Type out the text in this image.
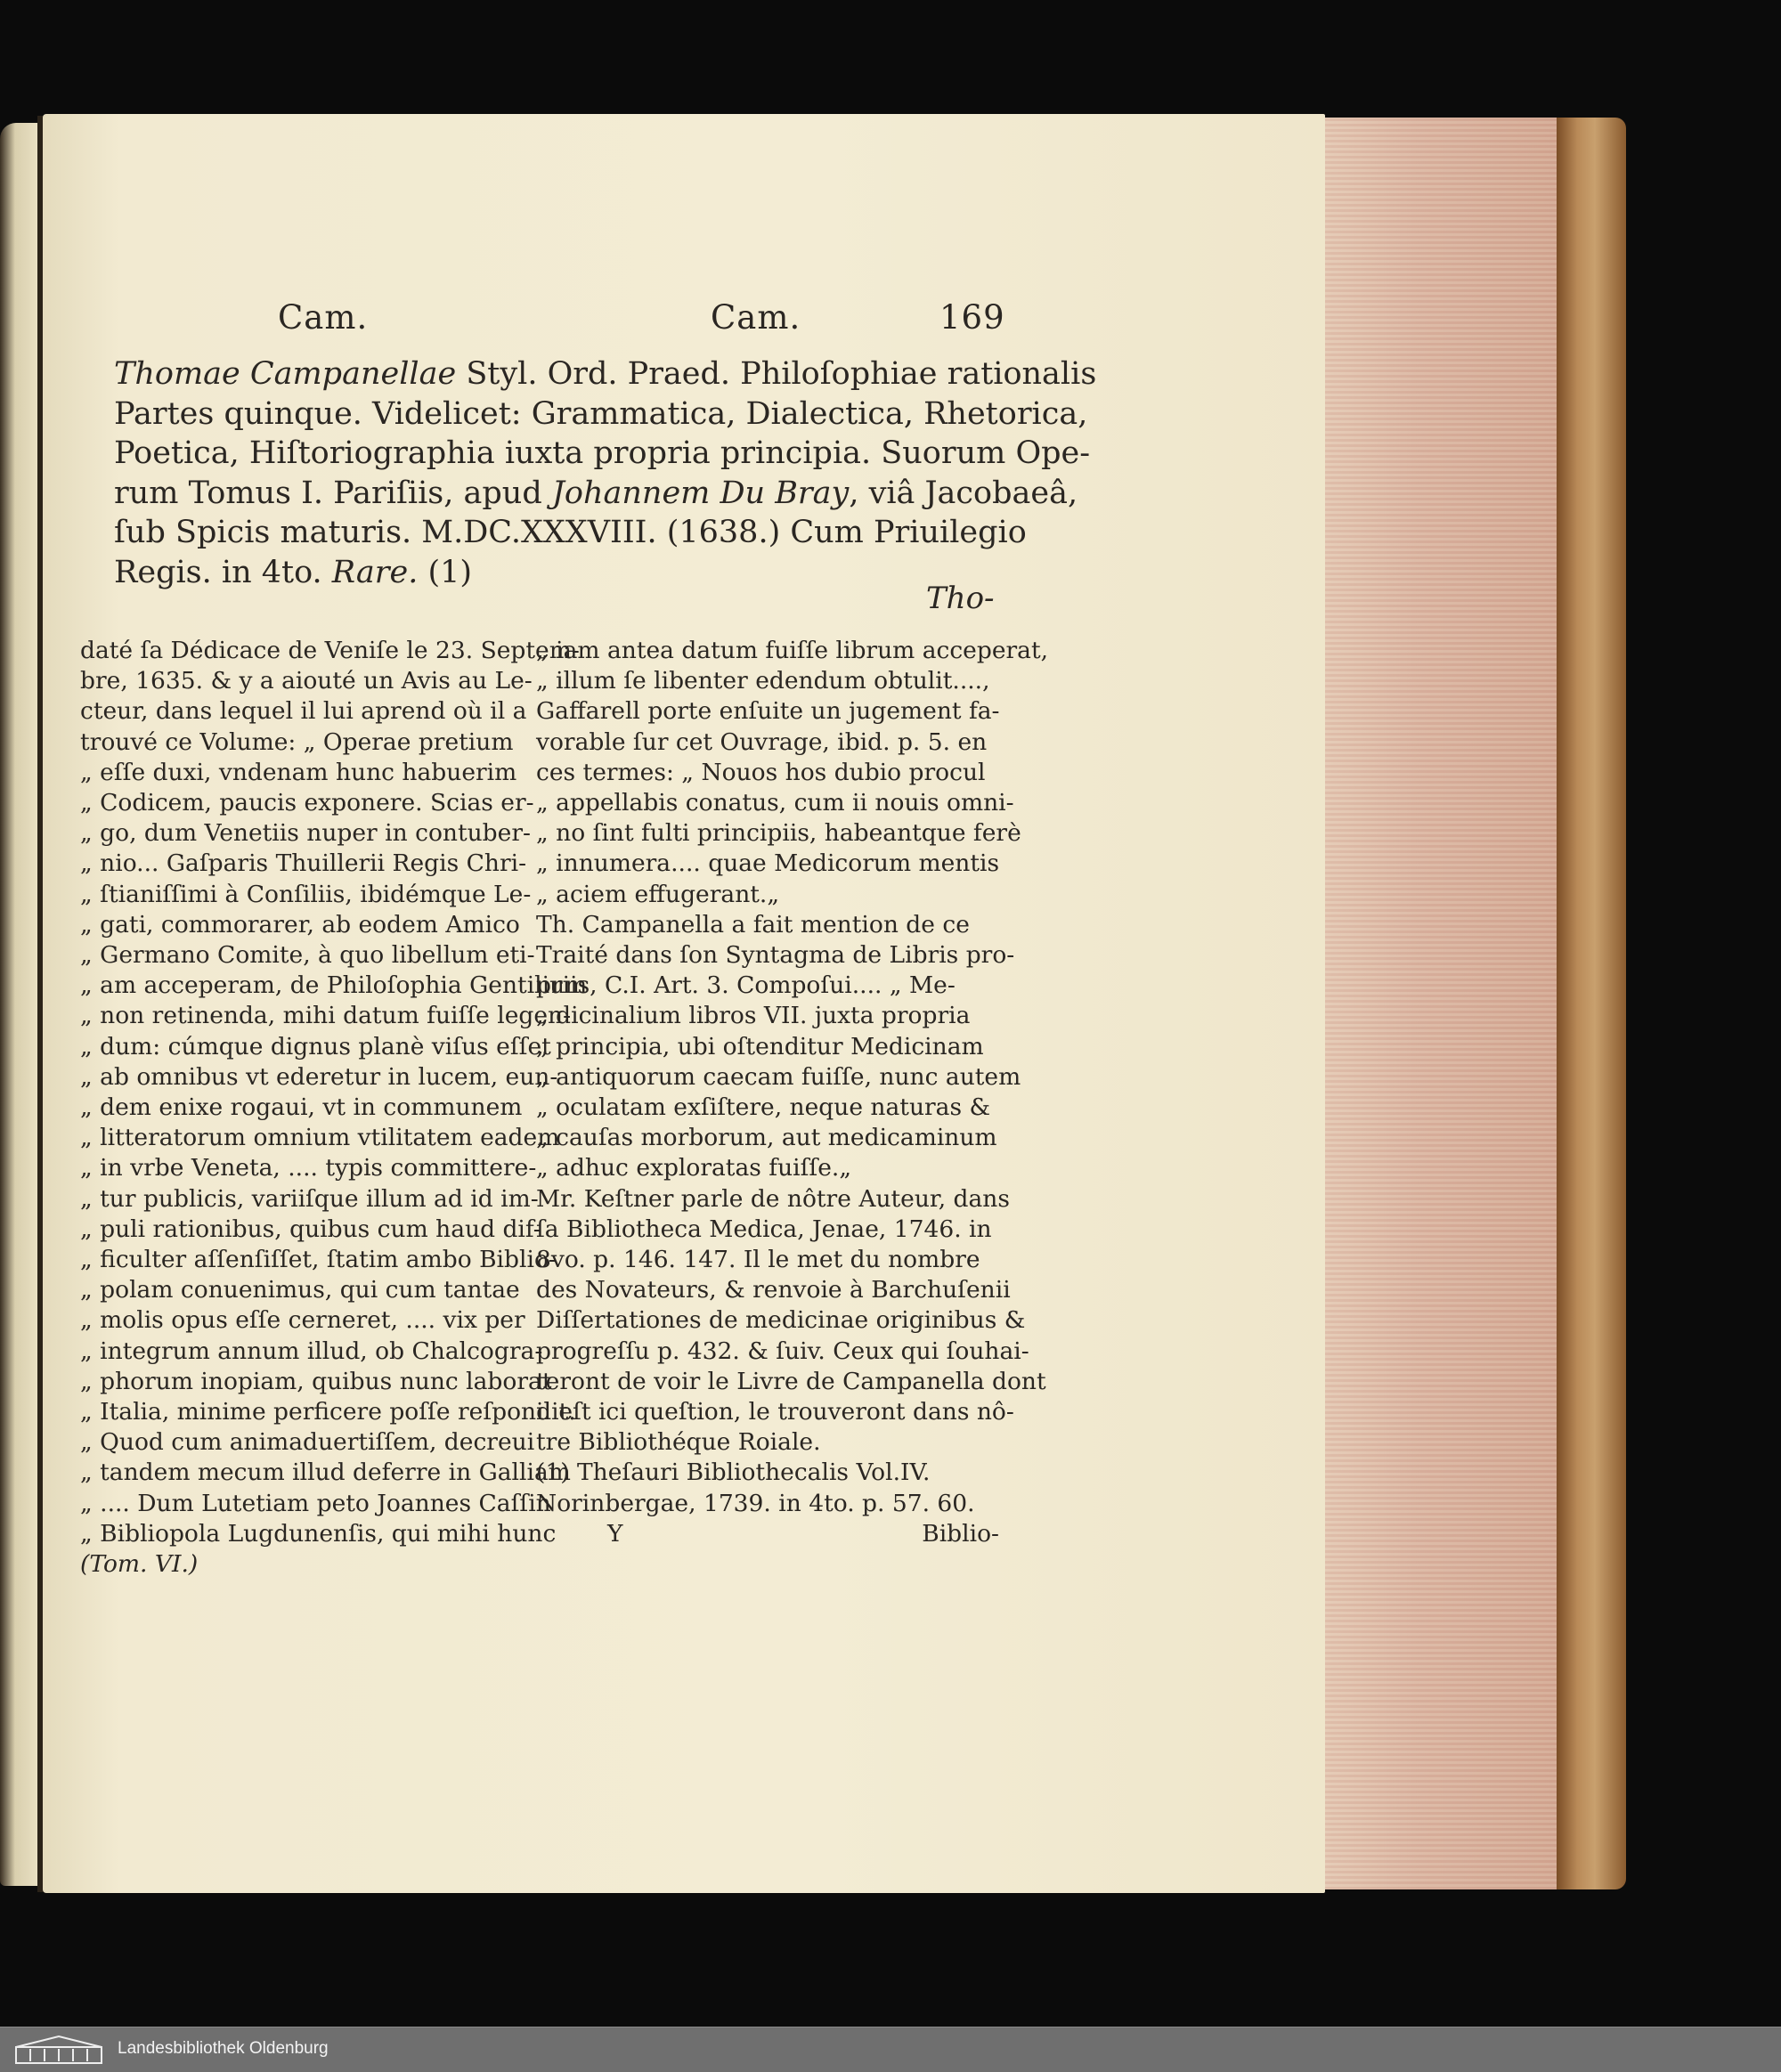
Cam.	Cam.	169
Thomae Campanellae Styl. Ord. Praed. Philoſophiae rationalis
Partes quinque. Videlicet: Grammatica, Dialectica, Rhetorica,
Poetica, Hiſtoriographia iuxta propria principia. Suorum Ope-
rum Tomus I. Pariſiis, apud Johannem Du Bray, viâ Jacobaeâ,
ſub Spicis maturis. M.DC.XXXVIII. (1638.) Cum Priuilegio
Regis. in 4to. Rare. (1)
Tho-
daté ſa Dédicace de Veniſe le 23. Septem-
bre, 1635. & y a aiouté un Avis au Le-
cteur, dans lequel il lui aprend où il a
trouvé ce Volume: „ Operae pretium
„ eſſe duxi, vndenam hunc habuerim
„ Codicem, paucis exponere. Scias er-
„ go, dum Venetiis nuper in contuber-
„ nio... Gaſparis Thuillerii Regis Chri-
„ ſtianiſſimi à Conſiliis, ibidémque Le-
„ gati, commorarer, ab eodem Amico
„ Germano Comite, à quo libellum eti-
„ am acceperam, de Philoſophia Gentilium
„ non retinenda, mihi datum fuiſſe legen-
„ dum: cúmque dignus planè viſus eſſet
„ ab omnibus vt ederetur in lucem, eun-
„ dem enixe rogaui, vt in communem
„ litteratorum omnium vtilitatem eadem
„ in vrbe Veneta, .... typis committere-
„ tur publicis, variiſque illum ad id im-
„ puli rationibus, quibus cum haud dif-
„ ficulter aſſenſiſſet, ſtatim ambo Biblio-
„ polam conuenimus, qui cum tantae
„ molis opus eſſe cerneret, .... vix per
„ integrum annum illud, ob Chalcogra-
„ phorum inopiam, quibus nunc laborat
„ Italia, minime perficere poſſe reſpondit.
„ Quod cum animaduertiſſem, decreui
„ tandem mecum illud deferre in Galliam
„ .... Dum Lutetiam peto Joannes Caſſin
„ Bibliopola Lugdunenſis, qui mihi hunc
(Tom. VI.)
„ iam antea datum fuiſſe librum acceperat,
„ illum ſe libenter edendum obtulit....,
Gaffarell porte enſuite un jugement fa-
vorable ſur cet Ouvrage, ibid. p. 5. en
ces termes: „ Nouos hos dubio procul
„ appellabis conatus, cum ii nouis omni-
„ no ſint fulti principiis, habeantque ferè
„ innumera.... quae Medicorum mentis
„ aciem effugerant.„
Th. Campanella a fait mention de ce
Traité dans ſon Syntagma de Libris pro-
priis, C.I. Art. 3. Compoſui.... „ Me-
„ dicinalium libros VII. juxta propria
„ principia, ubi oſtenditur Medicinam
„ antiquorum caecam fuiſſe, nunc autem
„ oculatam exſiſtere, neque naturas &
„ cauſas morborum, aut medicaminum
„ adhuc exploratas fuiſſe.„
Mr. Keſtner parle de nôtre Auteur, dans
ſa Bibliotheca Medica, Jenae, 1746. in
8vo. p. 146. 147. Il le met du nombre
des Novateurs, & renvoie à Barchuſenii
Diſſertationes de medicinae originibus &
progreſſu p. 432. & ſuiv. Ceux qui ſouhai-
teront de voir le Livre de Campanella dont
il eſt ici queſtion, le trouveront dans nô-
tre Bibliothéque Roiale.
(1) Theſauri Bibliothecalis Vol.IV.
Norinbergae, 1739. in 4to. p. 57. 60.
Y	Biblio-
Landesbibliothek Oldenburg
